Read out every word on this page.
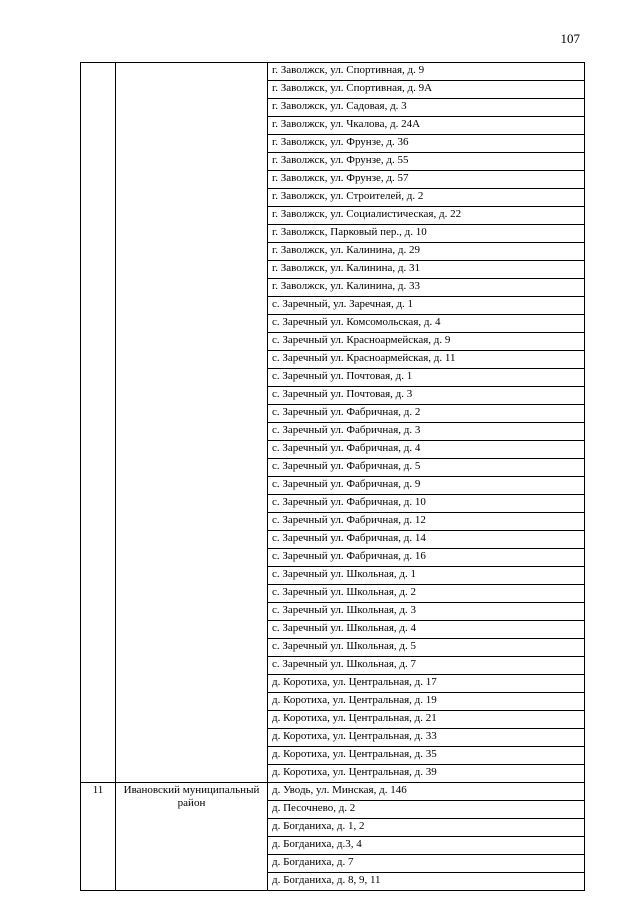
107
		г. Заволжск, ул. Спортивная, д. 9
		г. Заволжск, ул. Спортивная, д. 9А
		г. Заволжск, ул. Садовая, д. 3
		г. Заволжск, ул. Чкалова, д. 24А
		г. Заволжск, ул. Фрунзе, д. 36
		г. Заволжск, ул. Фрунзе, д. 55
		г. Заволжск, ул. Фрунзе, д. 57
		г. Заволжск, ул. Строителей, д. 2
		г. Заволжск, ул. Социалистическая, д. 22
		г. Заволжск, Парковый пер., д. 10
		г. Заволжск, ул. Калинина, д. 29
		г. Заволжск, ул. Калинина, д. 31
		г. Заволжск, ул. Калинина, д. 33
		с. Заречный, ул. Заречная, д. 1
		с. Заречный ул. Комсомольская, д. 4
		с. Заречный ул. Красноармейская, д. 9
		с. Заречный ул. Красноармейская, д. 11
		с. Заречный ул. Почтовая, д. 1
		с. Заречный ул. Почтовая, д. 3
		с. Заречный ул. Фабричная, д. 2
		с. Заречный ул. Фабричная, д. 3
		с. Заречный ул. Фабричная, д. 4
		с. Заречный ул. Фабричная, д. 5
		с. Заречный ул. Фабричная, д. 9
		с. Заречный ул. Фабричная, д. 10
		с. Заречный ул. Фабричная, д. 12
		с. Заречный ул. Фабричная, д. 14
		с. Заречный ул. Фабричная, д. 16
		с. Заречный ул. Школьная, д. 1
		с. Заречный ул. Школьная, д. 2
		с. Заречный ул. Школьная, д. 3
		с. Заречный ул. Школьная, д. 4
		с. Заречный ул. Школьная, д. 5
		с. Заречный ул. Школьная, д. 7
		д. Коротиха, ул. Центральная, д. 17
		д. Коротиха, ул. Центральная, д. 19
		д. Коротиха, ул. Центральная, д. 21
		д. Коротиха, ул. Центральная, д. 33
		д. Коротиха, ул. Центральная, д. 35
		д. Коротиха, ул. Центральная, д. 39
11	Ивановский муниципальный район	д. Уводь, ул. Минская, д. 146
		д. Песочнево, д. 2
		д. Богданиха, д. 1, 2
		д. Богданиха, д.3, 4
		д. Богданиха, д. 7
		д. Богданиха, д. 8, 9, 11
